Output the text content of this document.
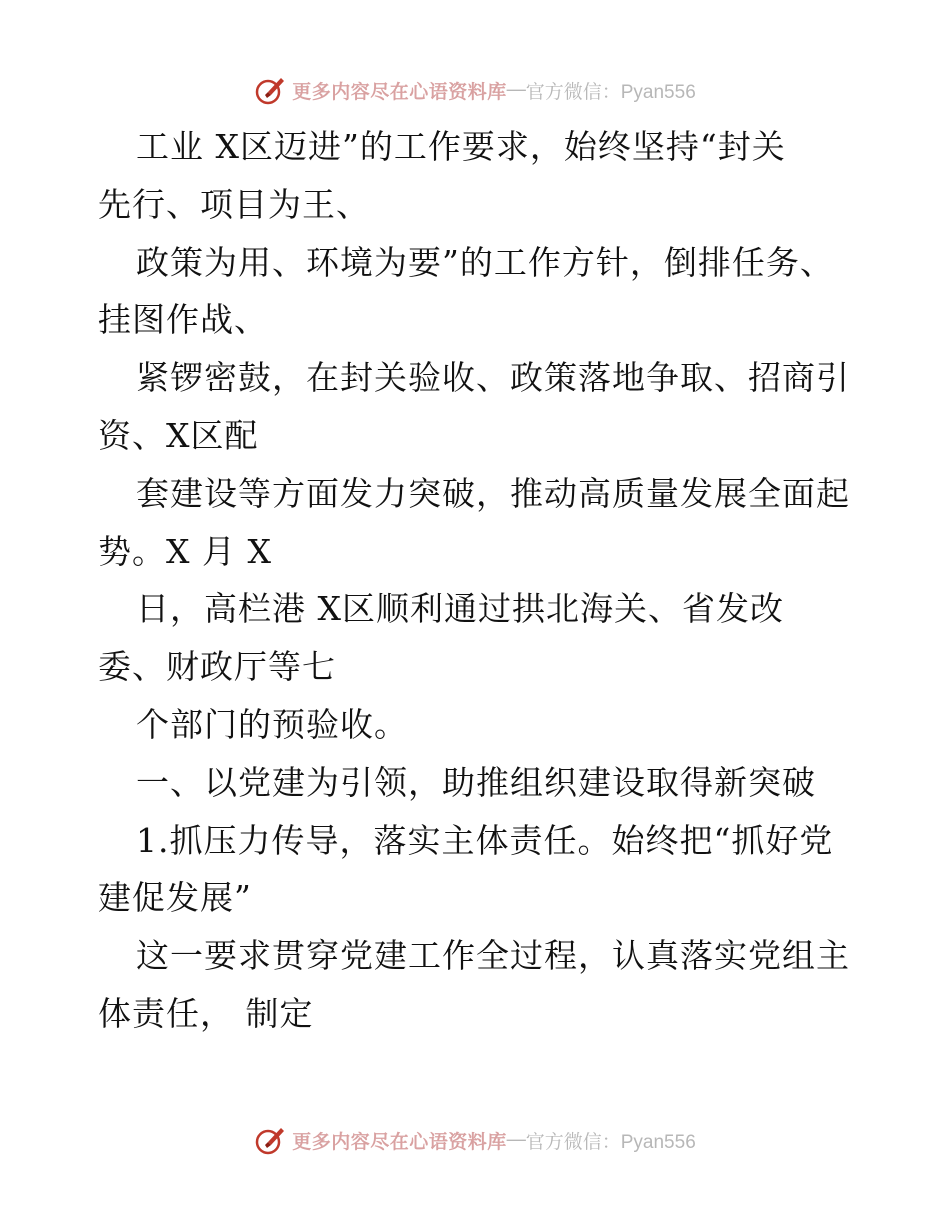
更多内容尽在心语资料库 — 官方微信：Pyan556
工业 X区迈进”的工作要求，始终坚持“封关
先行、项目为王、
政策为用、环境为要”的工作方针，倒排任务、
挂图作战、
紧锣密鼓，在封关验收、政策落地争取、招商引
资、X区配
套建设等方面发力突破，推动高质量发展全面起
势。X 月 X
日，高栏港 X区顺利通过拱北海关、省发改
委、财政厅等七
个部门的预验收。
一、以党建为引领，助推组织建设取得新突破
1.抓压力传导，落实主体责任。始终把“抓好党
建促发展”
这一要求贯穿党建工作全过程，认真落实党组主
体责任， 制定
更多内容尽在心语资料库 — 官方微信：Pyan556
